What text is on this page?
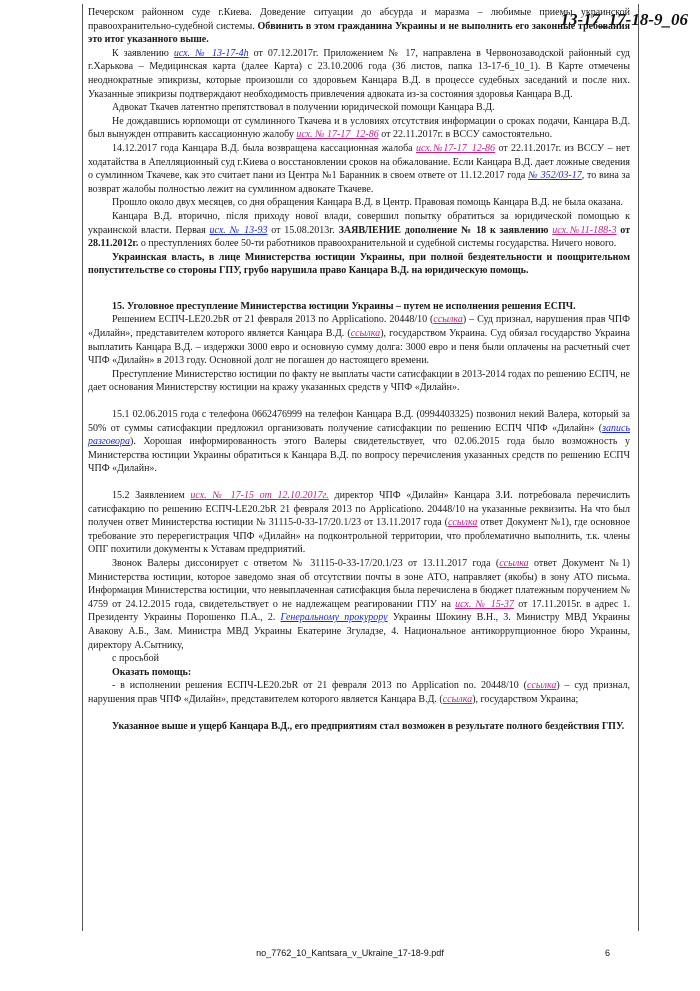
13-17_17-18-9_06

Печерском районном суде г.Киева. Доведение ситуации до абсурда и маразма – любимые приемы украинской правоохранительно-судебной системы. Обвинить в этом гражданина Украины и не выполнить его законные требования это итог указанного выше.

К заявлению исх. № 13-17-4h от 07.12.2017г. Приложением № 17, направлена в Червонозаводской районный суд г.Харькова – Медицинская карта (далее Карта) с 23.10.2006 года (36 листов, папка 13-17-6_10_1). В Карте отмечены неоднократные эпикризы, которые произошли со здоровьем Канцара В.Д. в процессе судебных заседаний и после них. Указанные эпикризы подтверждают необходимость привлечения адвоката из-за состояния здоровья Канцара В.Д.

Адвокат Ткачев латентно препятствовал в получении юридической помощи Канцара В.Д.

Не дождавшись юрпомощи от сумлинного Ткачева и в условиях отсутствия информации о сроках подачи, Канцара В.Д. был вынужден отправить кассационную жалобу исх. № 17-17_12-86 от 22.11.2017г. в ВССУ самостоятельно.

14.12.2017 года Канцара В.Д. была возвращена кассационная жалоба исх.№17-17_12-86 от 22.11.2017г. из ВССУ – нет ходатайства в Апелляционный суд г.Киева о восстановлении сроков на обжалование. Если Канцара В.Д. дает ложные сведения о сумлинном Ткачеве, как это считает пани из Центра №1 Баранник в своем ответе от 11.12.2017 года № 352/03-17, то вина за возврат жалобы полностью лежит на сумлинном адвокате Ткачеве.

Прошло около двух месяцев, со дня обращения Канцара В.Д. в Центр. Правовая помощь Канцара В.Д. не была оказана.

Канцара В.Д. вторично, після приходу нової влади, совершил попытку обратиться за юридической помощью к украинской власти. Первая исх. № 13-93 от 15.08.2013г. ЗАЯВЛЕНИЕ дополнение № 18 к заявлению исх.№11-188-3 от 28.11.2012г. о преступлениях более 50-ти работников правоохранительной и судебной системы государства. Ничего нового.

Украинская власть, в лице Министерства юстиции Украины, при полной бездеятельности и поощрительном попустительстве со стороны ГПУ, грубо нарушила право Канцара В.Д. на юридическую помощь.

15. Уголовное преступление Министерства юстиции Украины – путем не исполнения решения ЕСПЧ.

Решением ЕСПЧ-LE20.2bR от 21 февраля 2013 по Applicationo. 20448/10 (ссылка) – Суд признал, нарушения прав ЧПФ «Дилайн», представителем которого является Канцара В.Д. (ссылка), государством Украина. Суд обязал государство Украина выплатить Канцара В.Д. – издержки 3000 евро и основную сумму долга: 3000 евро и пеня были оплачены на расчетный счет ЧПФ «Дилайн» в 2013 году. Основной долг не погашен до настоящего времени.

Преступление Министерство юстиции по факту не выплаты части сатисфакции в 2013-2014 годах по решению ЕСПЧ, не дает основания Министерству юстиции на кражу указанных средств у ЧПФ «Дилайн».

15.1 02.06.2015 года с телефона 0662476999 на телефон Канцара В.Д. (0994403325) позвонил некий Валера, который за 50% от суммы сатисфакции предложил организовать получение сатисфакции по решению ЕСПЧ ЧПФ «Дилайн» (запись разговора). Хорошая информированность этого Валеры свидетельствует, что 02.06.2015 года было возможность у Министерства юстиции Украины обратиться к Канцара В.Д. по вопросу перечисления указанных средств по решению ЕСПЧ ЧПФ «Дилайн».

15.2 Заявлением исх. № 17-15 от 12.10.2017г. директор ЧПФ «Дилайн» Канцара З.И. потребовала перечислить сатисфакцию по решению ЕСПЧ-LE20.2bR 21 февраля 2013 по Applicationo. 20448/10 на указанные реквизиты. На что был получен ответ Министерства юстиции № 31115-0-33-17/20.1/23 от 13.11.2017 года (ссылка ответ Документ №1), где основное требование это перерегистрация ЧПФ «Дилайн» на подконтрольной территории, что проблематично выполнить, т.к. члены ОПГ похитили документы к Уставам предприятий.

Звонок Валеры диссонирует с ответом № 31115-0-33-17/20.1/23 от 13.11.2017 года (ссылка ответ Документ №1) Министерства юстиции, которое заведомо зная об отсутствии почты в зоне АТО, направляет (якобы) в зону АТО письма. Информация Министерства юстиции, что невыплаченная сатисфакция была перечислена в бюджет платежным поручением № 4759 от 24.12.2015 года, свидетельствует о не надлежащем реагировании ГПУ на исх. № 15-37 от 17.11.2015г. в адрес 1. Президенту Украины Порошенко П.А., 2. Генеральному прокурору Украины Шокину В.Н., 3. Министру МВД Украины Авакову А.Б., Зам. Министра МВД Украины Екатерине Згуладзе, 4. Национальное антикоррупционное бюро Украины, директору А.Сытнику,

с просьбой

Оказать помощь:

- в исполнении решения ЕСПЧ-LE20.2bR от 21 февраля 2013 по Application no. 20448/10 (ссылка) – суд признал, нарушения прав ЧПФ «Дилайн», представителем которого является Канцара В.Д. (ссылка), государством Украина;

Указанное выше и ущерб Канцара В.Д., его предприятиям стал возможен в результате полного бездействия ГПУ.

no_7762_10_Kantsara_v_Ukraine_17-18-9.pdf	6
